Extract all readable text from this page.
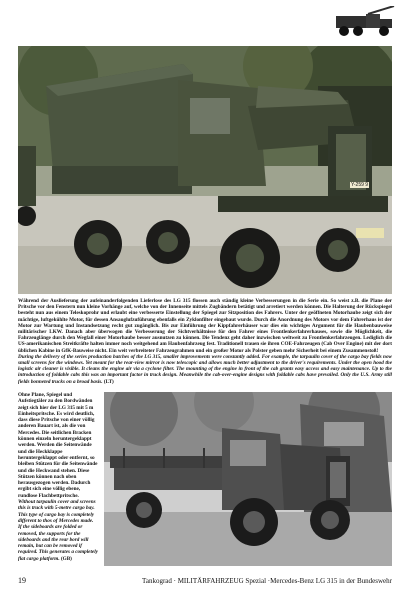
Y-259 9

Während der Auslieferung der aufeinanderfolgenden Lieferlose des LG 315 flossen auch ständig kleine Verbesserungen in die Serie ein. So weist z.B. die Plane der Pritsche vor den Fenstern nun kleine Vorhänge auf, welche von der Innenseite mittels Zugbändern betätigt und arretiert werden können. Die Halterung der Rückspiegel besteht nun aus einem Teleskoprohr und erlaubt eine verbesserte Einstellung der Spiegel zur Sitzposition des Fahrers. Unter der geöffneten Motorhaube zeigt sich der mächtige, luftgekühlte Motor, für dessen Ansauglufzuführung ebenfalls ein Zyklonfilter eingebaut wurde. Durch die Anordnung des Motors vor dem Fahrerhaus ist der Motor zur Wartung und Instandsetzung recht gut zugänglich. Bis zur Einführung der Kippfahrerhäuser war dies ein wichtiges Argument für die Haubenbauweise militärischer LKW. Danach aber überwogen die Verbesserung der Sichtverhältnisse für den Fahrer eines Frontlenkerfahrerhauses, sowie die Möglichkeit, die Fahrzeuglänge durch den Wegfall einer Motorhaube besser ausnutzen zu können. Die Tendenz geht daher inzwischen weltweit zu Frontlenkerfahrzeugen. Lediglich die US-amerikanischen Streitkräfte halten immer noch weitgehend am Haubenfahrzeug fest. Traditionell trauen sie ihren COE-Fahrzeugen (Cab Over Engine) mit der dort üblichen Kabine in GfK-Bauweise nicht. Ein weit verbreiteter Fahrzeugrahmen und ein großer Motor als Polster geben mehr Sicherheit bei einem Zusammenstoß!

During the delivery of the series production batches of the LG 315, smaller improvements were constantly added. For example, the tarpaulin cover of the cargo bay fields now small screens for the windows. Yet meant for the rear-view mirror is now telescopic and allows much better adjustment to the driver's requirements. Under the open hood the logistic air cleaner is visible. It cleans the engine air via a cyclone filter. The mounting of the engine in front of the cab grants easy access and easy maintenance. Up to the introduction of foldable cabs this was an important factor in truck design. Meanwhile the cab-over-engine designs with foldable cabs have prevailed. Only the U.S. Army still fields bonneted trucks on a broad basis. (LT)

Ohne Plane, Spiegel und Aufstiegtäler zu den Bordwänden zeigt sich hier der LG 315 mit 5 m Einheitspritsche. Es wird deutlich, dass diese Pritsche von einer völlig anderen Bauart ist, als die von Mercedes. Die seitlichen Bracken können einzeln heruntergeklappt werden. Werden die Seitenwände und die Heckklappe heruntergeklappt oder entfernt, so bleiben Stützen für die Seitenwände und die Heckwand stehen. Diese Stützen können nach oben herausgezogen werden. Dadurch ergibt sich eine völlig ebene, rundlose Flachbettpritsche.

Without tarpaulin cover and screens this is truck with 5-metre cargo bay. This type of cargo bay is completely different to thos of Mercedes made. If the sideboards are folded or removed, the supports for the sideboards and the rear bord will remain, but can be removed if required. This generates a completely flat cargo platform. (GB)

19	Tankograd · MILITÄRFAHRZEUG Spezial ·Mercedes-Benz LG 315 in der Bundeswehr
